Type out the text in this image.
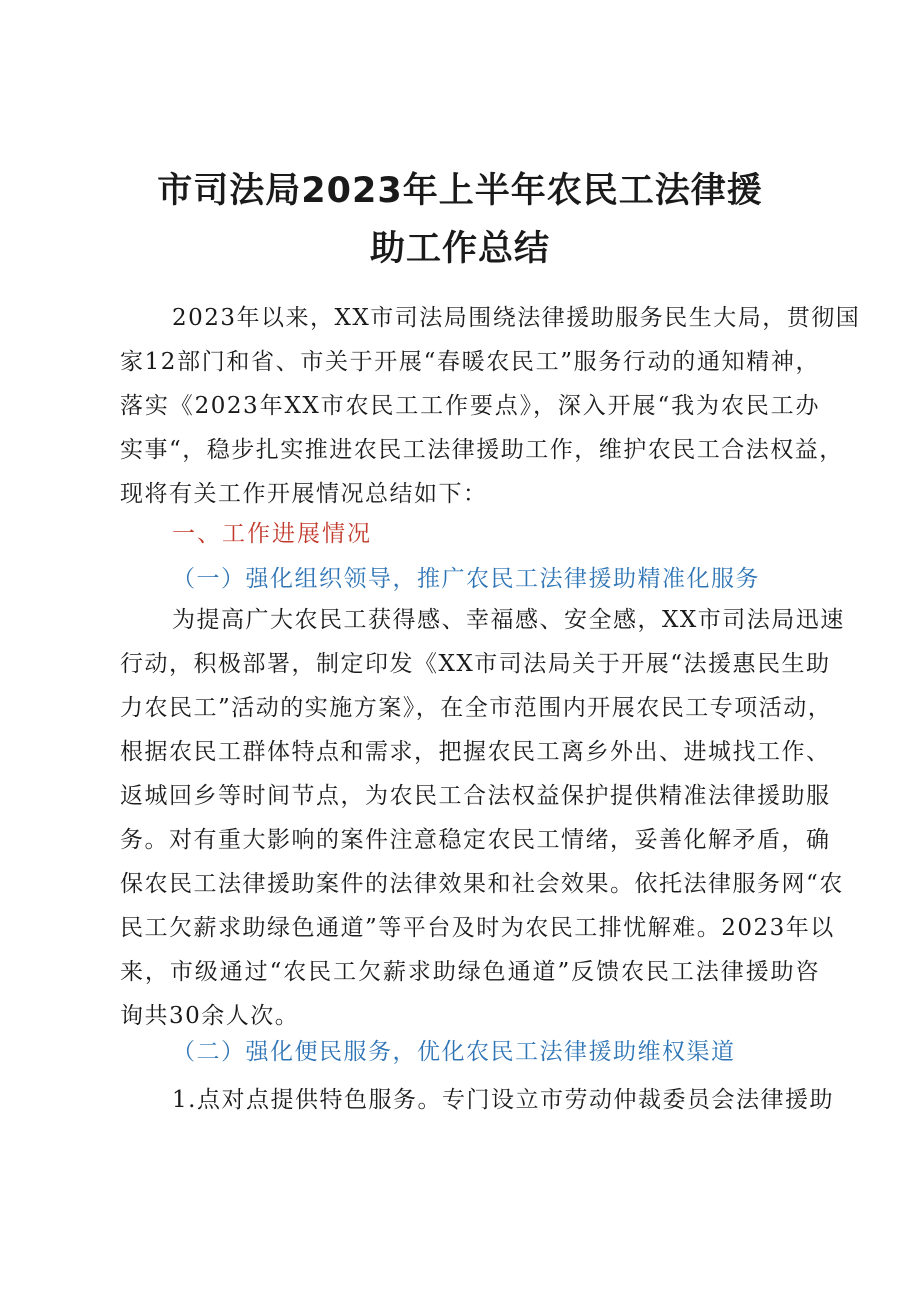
市司法局2023年上半年农民工法律援
助工作总结

2023年以来，XX市司法局围绕法律援助服务民生大局，贯彻国

家12部门和省、市关于开展“春暖农民工”服务行动的通知精神，

落实《2023年XX市农民工工作要点》，深入开展“我为农民工办

实事“，稳步扎实推进农民工法律援助工作，维护农民工合法权益，

现将有关工作开展情况总结如下：

一、工作进展情况

（一）强化组织领导，推广农民工法律援助精准化服务

为提高广大农民工获得感、幸福感、安全感，XX市司法局迅速

行动，积极部署，制定印发《XX市司法局关于开展“法援惠民生助

力农民工”活动的实施方案》，在全市范围内开展农民工专项活动，

根据农民工群体特点和需求，把握农民工离乡外出、进城找工作、

返城回乡等时间节点，为农民工合法权益保护提供精准法律援助服

务。对有重大影响的案件注意稳定农民工情绪，妥善化解矛盾，确

保农民工法律援助案件的法律效果和社会效果。依托法律服务网“农

民工欠薪求助绿色通道”等平台及时为农民工排忧解难。2023年以

来，市级通过“农民工欠薪求助绿色通道”反馈农民工法律援助咨

询共30余人次。

（二）强化便民服务，优化农民工法律援助维权渠道

1.点对点提供特色服务。专门设立市劳动仲裁委员会法律援助
